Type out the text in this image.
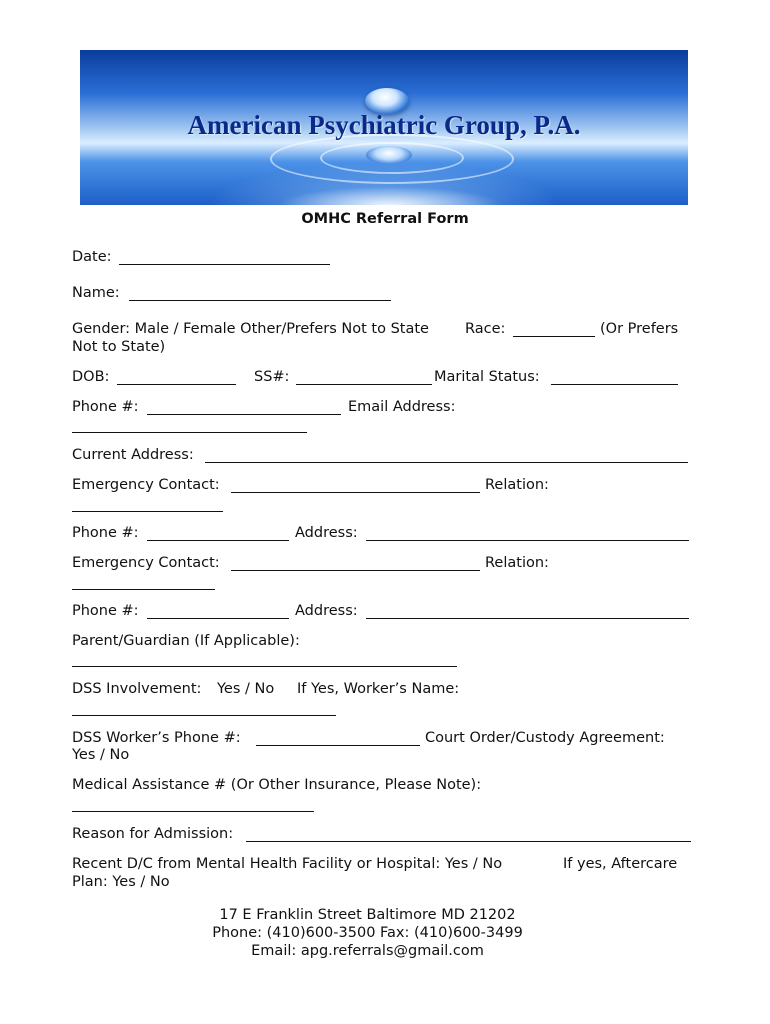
American Psychiatric Group, P.A.
OMHC Referral Form
Date:
Name:
Gender: Male / Female Other/Prefers Not to State Race:	(Or Prefers
Not to State)
DOB:	SS#:	Marital Status:
Phone #:	Email Address:
Current Address:
Emergency Contact:	Relation:
Phone #:	Address:
Emergency Contact:	Relation:
Phone #:	Address:
Parent/Guardian (If Applicable):
DSS Involvement: Yes / No If Yes, Worker’s Name:
DSS Worker’s Phone #:	Court Order/Custody Agreement:
Yes / No
Medical Assistance # (Or Other Insurance, Please Note):
Reason for Admission:
Recent D/C from Mental Health Facility or Hospital: Yes / No	If yes, Aftercare
Plan: Yes / No
17 E Franklin Street Baltimore MD 21202
Phone: (410)600-3500 Fax: (410)600-3499
Email: apg.referrals@gmail.com
